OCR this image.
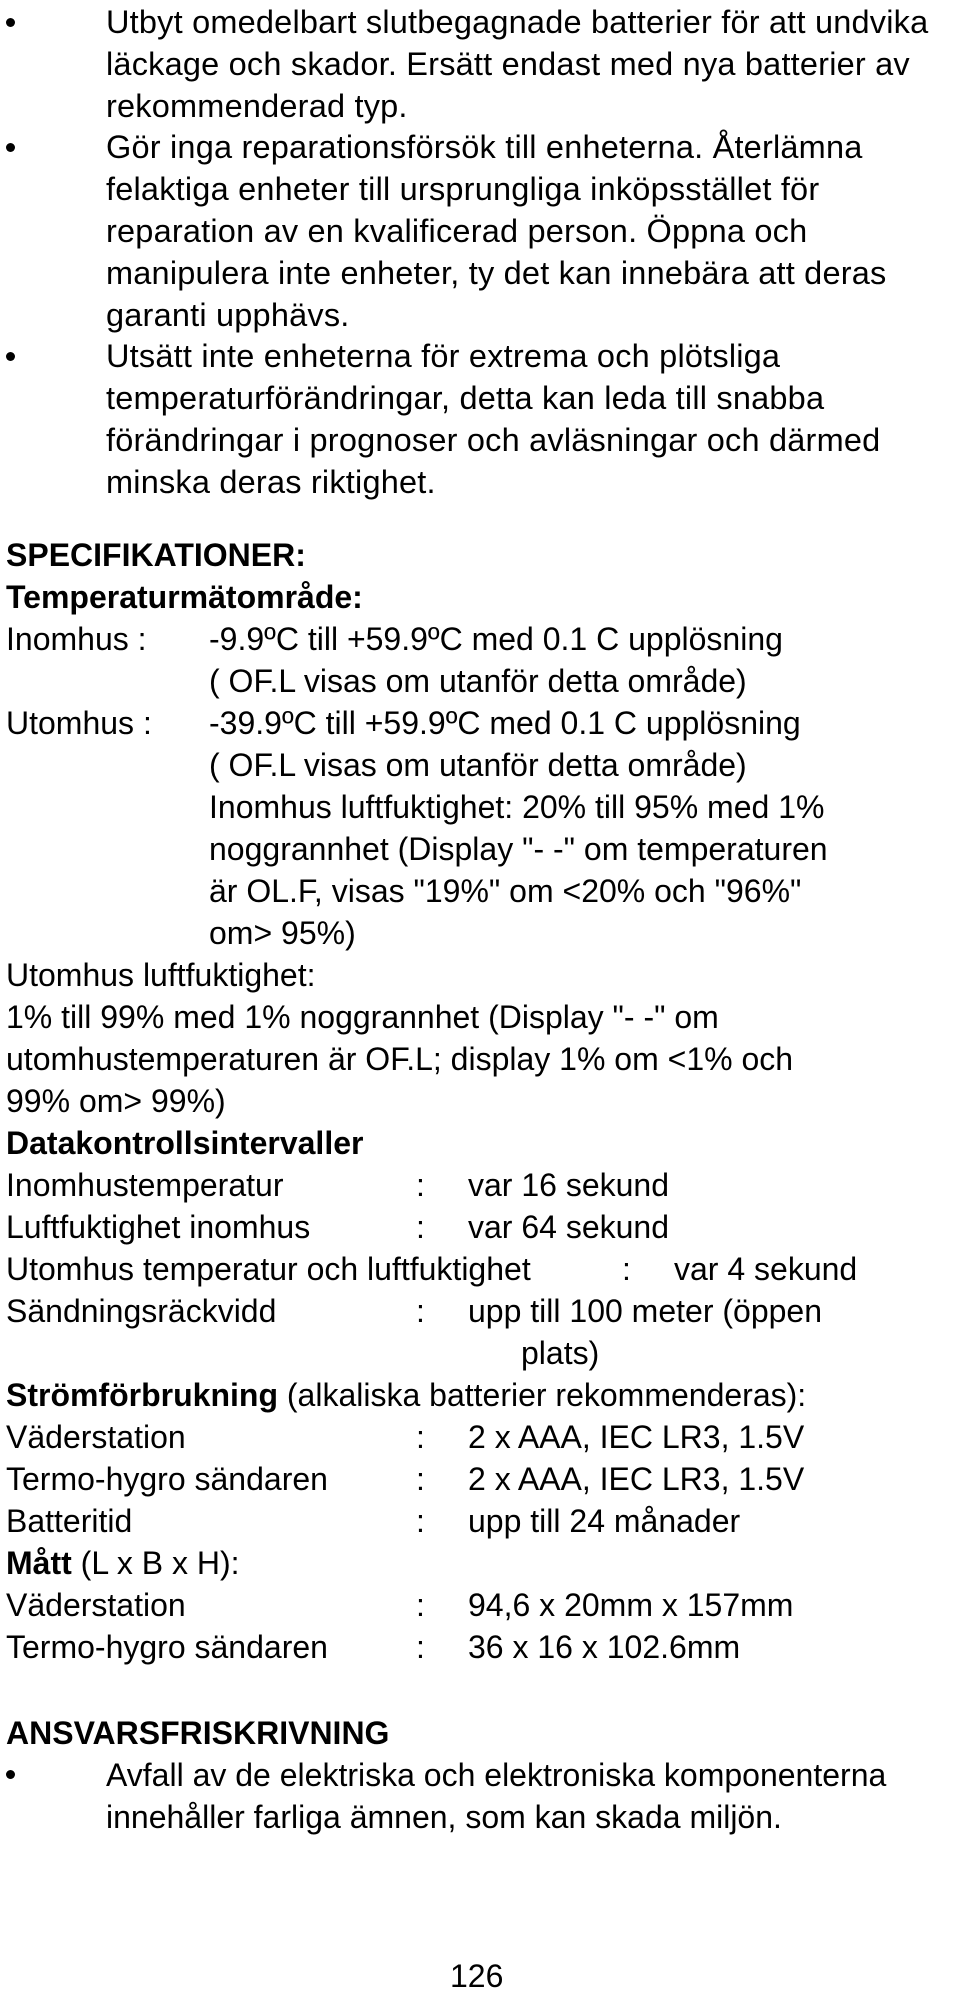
Utbyt omedelbart slutbegagnade batterier för att undvika läckage och skador. Ersätt endast med nya batterier av rekommenderad typ.
Gör inga reparationsförsök till enheterna. Återlämna felaktiga enheter till ursprungliga inköpsstället för reparation av en kvalificerad person. Öppna och manipulera inte enheter, ty det kan innebära att deras garanti upphävs.
Utsätt inte enheterna för extrema och plötsliga temperaturförändringar, detta kan leda till snabba förändringar i prognoser och avläsningar och därmed minska deras riktighet.
SPECIFIKATIONER:
Temperaturmätområde:
Inomhus :	-9.9ºC till +59.9ºC med 0.1 C upplösning
( OF.L visas om utanför detta område)
Utomhus :	-39.9ºC till +59.9ºC med 0.1 C upplösning
( OF.L visas om utanför detta område)
Inomhus luftfuktighet: 20% till 95% med 1%
noggrannhet (Display "- -" om temperaturen
är OL.F, visas "19%" om <20% och "96%"
om> 95%)
Utomhus luftfuktighet:
1% till 99% med 1% noggrannhet (Display "- -" om
utomhustemperaturen är OF.L; display 1% om <1% och
99% om> 99%)
Datakontrollsintervaller
Inomhustemperatur	:	var 16 sekund
Luftfuktighet inomhus	:	var 64 sekund
Utomhus temperatur och luftfuktighet	:	var 4 sekund
Sändningsräckvidd	:	upp till 100 meter (öppen
plats)
Strömförbrukning (alkaliska batterier rekommenderas):
Väderstation	:	2 x AAA, IEC LR3, 1.5V
Termo-hygro sändaren	:	2 x AAA, IEC LR3, 1.5V
Batteritid	:	upp till 24 månader
Mått (L x B x H):
Väderstation	:	94,6 x 20mm x 157mm
Termo-hygro sändaren	:	36 x 16 x 102.6mm
ANSVARSFRISKRIVNING
Avfall av de elektriska och elektroniska komponenterna innehåller farliga ämnen, som kan skada miljön.
126
